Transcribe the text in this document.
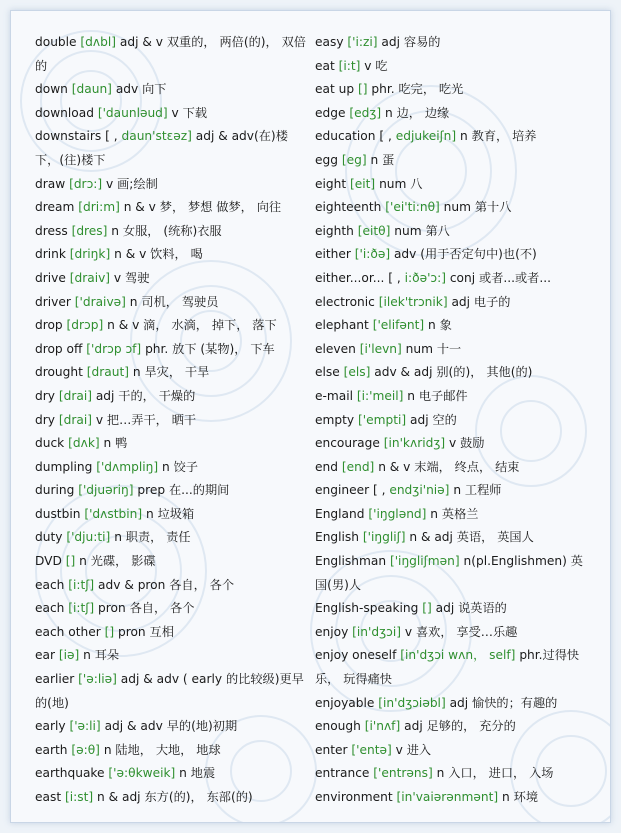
double [dʌbl] adj & v 双重的， 两倍(的)， 双倍的
down [daun] adv 向下
download ['daunləud] v 下载
downstairs [ , daun'stɛəz] adj & adv(在)楼下，(往)楼下
draw [drɔ:] v 画;绘制
dream [dri:m] n & v 梦， 梦想 做梦， 向往
dress [dres] n 女服， (统称)衣服
drink [driŋk] n & v 饮料， 喝
drive [draiv] v 驾驶
driver ['draivə] n 司机， 驾驶员
drop [drɔp] n & v 滴， 水滴， 掉下， 落下
drop off ['drɔp ɔf] phr. 放下 (某物)， 下车
drought [draut] n 旱灾， 干旱
dry [drai] adj 干的， 干燥的
dry [drai] v 把…弄干， 晒干
duck [dʌk] n 鸭
dumpling ['dʌmpliŋ] n 饺子
during ['djuəriŋ] prep 在...的期间
dustbin ['dʌstbin] n 垃圾箱
duty ['dju:ti] n 职责， 责任
DVD [] n 光碟， 影碟
each [i:tʃ] adv & pron 各自， 各个
each [i:tʃ] pron 各自， 各个
each other [] pron 互相
ear [iə] n 耳朵
earlier ['ə:liə] adj & adv ( early 的比较级)更早的(地)
early ['ə:li] adj & adv 早的(地)初期
earth [ə:θ] n 陆地， 大地， 地球
earthquake ['ə:θkweik] n 地震
east [i:st] n & adj 东方(的)， 东部(的)
easy ['i:zi] adj 容易的
eat [i:t] v 吃
eat up [] phr. 吃完， 吃光
edge [edʒ] n 边， 边缘
education [ , edjukeiʃn] n 教育， 培养
egg [eg] n 蛋
eight [eit] num 八
eighteenth ['ei'ti:nθ] num 第十八
eighth [eitθ] num 第八
either ['i:ðə] adv (用于否定句中)也(不)
either...or... [ , i:ðə'ɔ:] conj 或者...或者...
electronic [ilek'trɔnik] adj 电子的
elephant ['elifənt] n 象
eleven [i'levn] num 十一
else [els] adv & adj 别(的)， 其他(的)
e-mail [i:'meil] n 电子邮件
empty ['empti] adj 空的
encourage [in'kʌridʒ] v 鼓励
end [end] n & v 末端， 终点， 结束
engineer [ , endʒi'niə] n 工程师
England ['iŋglənd] n 英格兰
English ['iŋgliʃ] n & adj 英语， 英国人
Englishman ['iŋgliʃmən] n(pl.Englishmen) 英国(男)人
English-speaking [] adj 说英语的
enjoy [in'dʒɔi] v 喜欢， 享受…乐趣
enjoy oneself [in'dʒɔi wʌn， self] phr.过得快乐， 玩得痛快
enjoyable [in'dʒɔiəbl] adj 愉快的；有趣的
enough [i'nʌf] adj 足够的， 充分的
enter ['entə] v 进入
entrance ['entrəns] n 入口， 进口， 入场
environment [in'vaiərənmənt] n 环境
